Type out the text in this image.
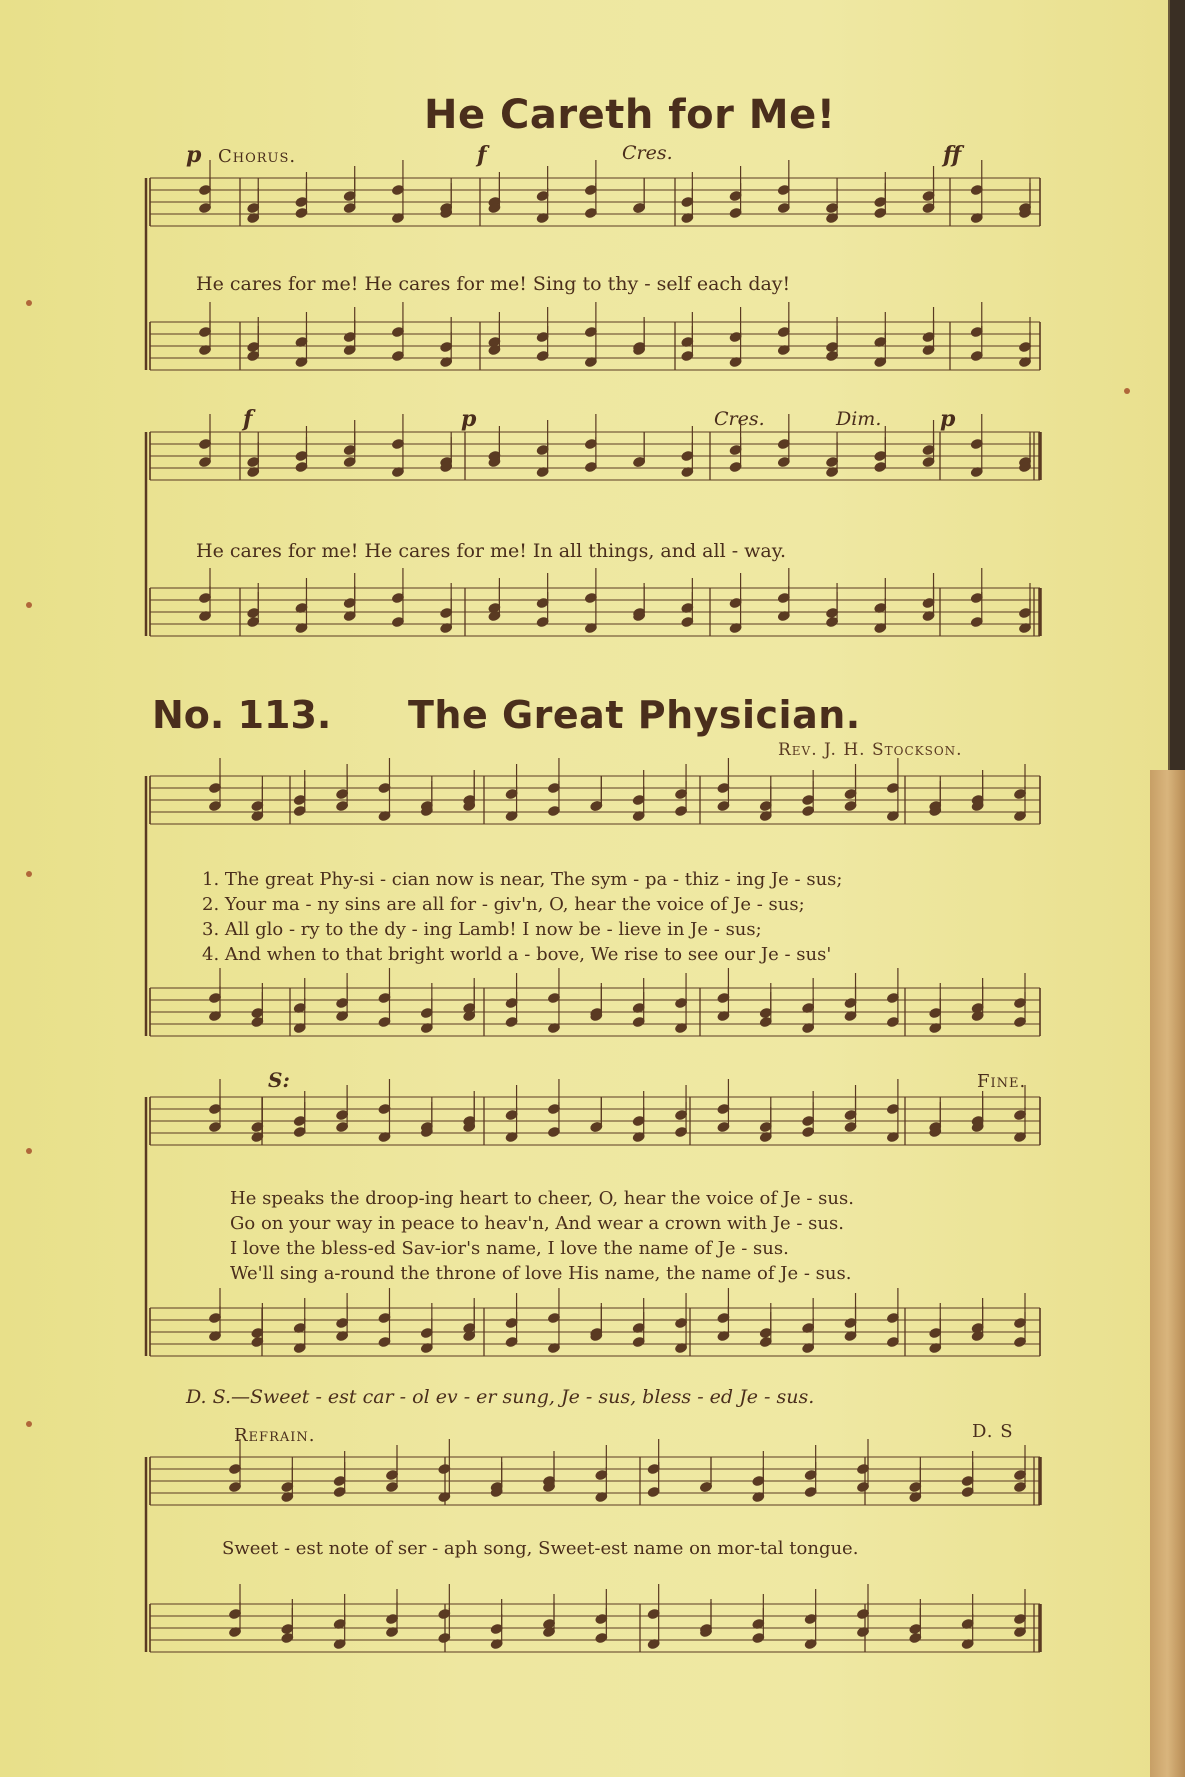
He Careth for Me!
p Chorus.	f	Cres.	ff
f	p	Cres.	Dim.	p
He cares for me! He cares for me! Sing to thy - self each day!
He cares for me! He cares for me! In all things, and all - way.
No. 113. The Great Physician.
Rev. J. H. Stockson.
1. The great Phy-si - cian now is near, The sym - pa - thiz - ing Je - sus;
2. Your ma - ny sins are all for - giv'n, O, hear the voice of Je - sus;
3. All glo - ry to the dy - ing Lamb! I now be - lieve in Je - sus;
4. And when to that bright world a - bove, We rise to see our Je - sus'
S:	Fine.
He speaks the droop-ing heart to cheer, O, hear the voice of Je - sus.
Go on your way in peace to heav'n, And wear a crown with Je - sus.
I love the bless-ed Sav-ior's name, I love the name of Je - sus.
We'll sing a-round the throne of love His name, the name of Je - sus.
D. S.—Sweet - est car - ol ev - er sung, Je - sus, bless - ed Je - sus.
Refrain.	D. S
Sweet - est note of ser - aph song, Sweet-est name on mor-tal tongue.
